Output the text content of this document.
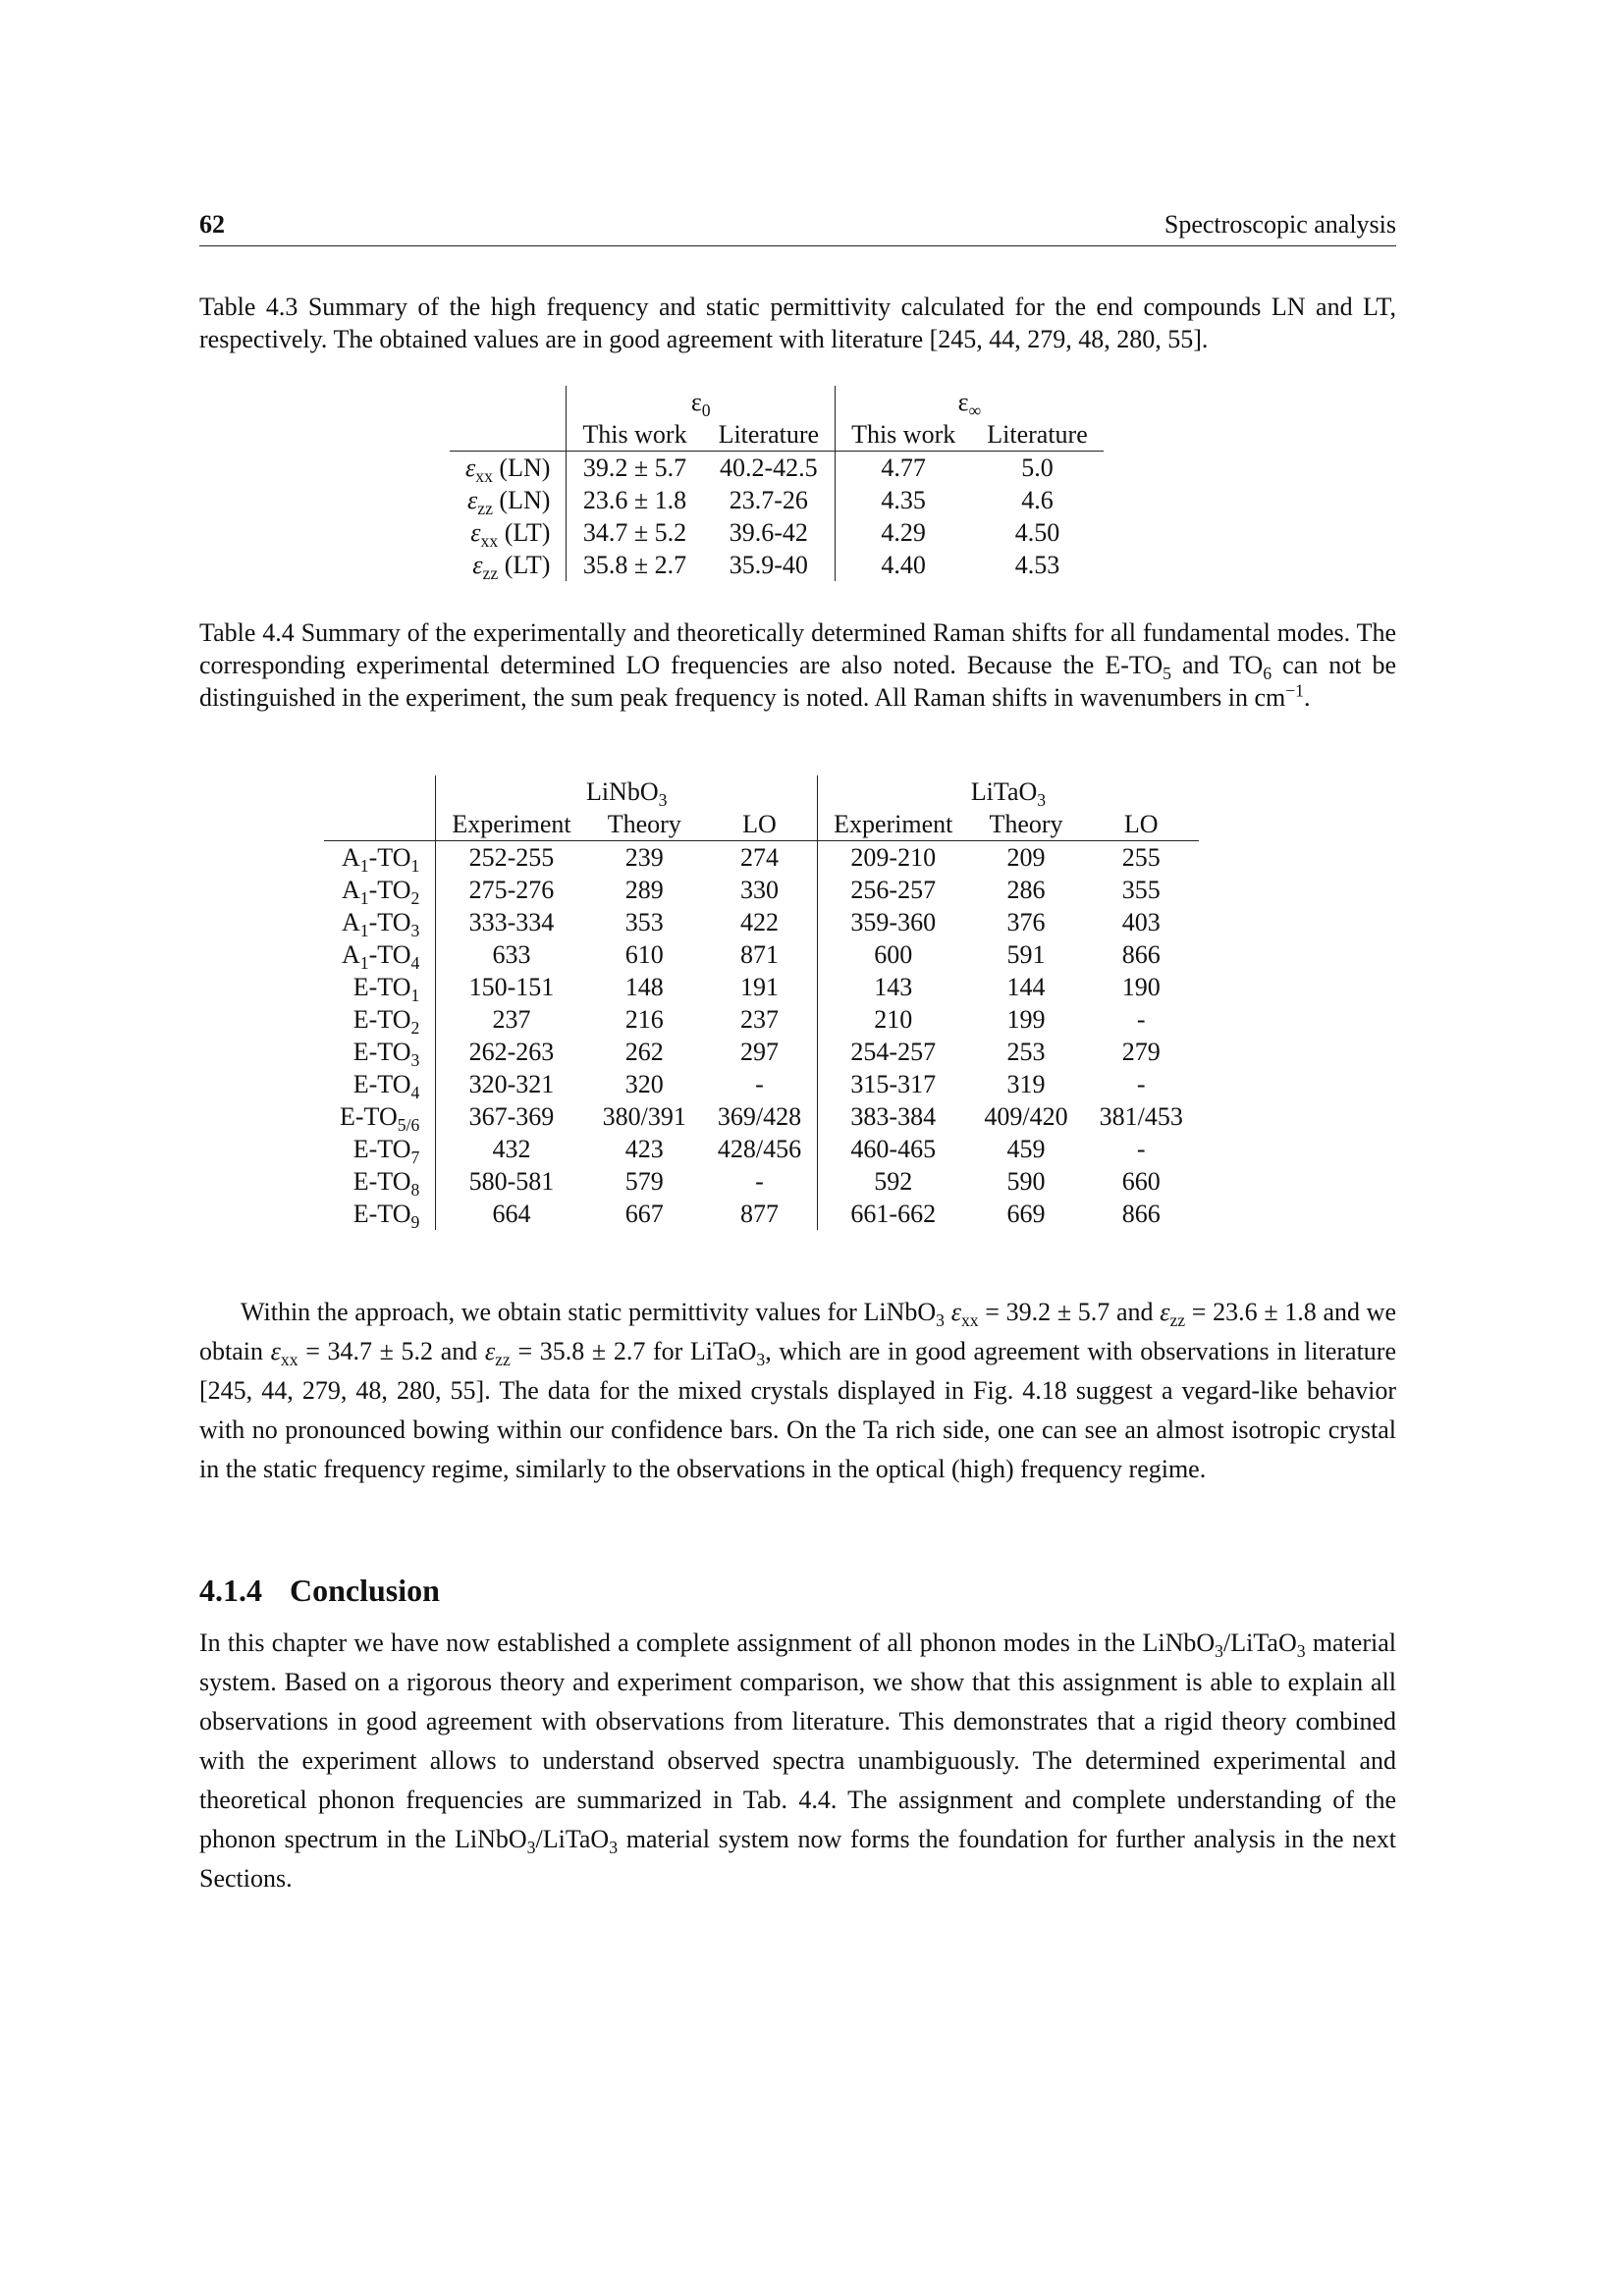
62	Spectroscopic analysis
Table 4.3 Summary of the high frequency and static permittivity calculated for the end compounds LN and LT, respectively. The obtained values are in good agreement with literature [245, 44, 279, 48, 280, 55].
	$\varepsilon_0$		$\varepsilon_\infty$
	This work	Literature	This work	Literature
$\varepsilon_{xx}$ (LN)	39.2 ± 5.7	40.2-42.5	4.77	5.0
$\varepsilon_{zz}$ (LN)	23.6 ± 1.8	23.7-26	4.35	4.6
$\varepsilon_{xx}$ (LT)	34.7 ± 5.2	39.6-42	4.29	4.50
$\varepsilon_{zz}$ (LT)	35.8 ± 2.7	35.9-40	4.40	4.53
Table 4.4 Summary of the experimentally and theoretically determined Raman shifts for all fundamental modes. The corresponding experimental determined LO frequencies are also noted. Because the $E-TO_5$ and $TO_6$ can not be distinguished in the experiment, the sum peak frequency is noted. All Raman shifts in wavenumbers in $cm^{-1}$.
	LiNbO$_3$			LiTaO$_3$
	Experiment	Theory	LO	Experiment	Theory	LO
$A_1-TO_1$	252-255	239	274	209-210	209	255
$A_1-TO_2$	275-276	289	330	256-257	286	355
$A_1-TO_3$	333-334	353	422	359-360	376	403
$A_1-TO_4$	633	610	871	600	591	866
$E-TO_1$	150-151	148	191	143	144	190
$E-TO_2$	237	216	237	210	199	-
$E-TO_3$	262-263	262	297	254-257	253	279
$E-TO_4$	320-321	320	-	315-317	319	-
$E-TO_{5/6}$	367-369	380/391	369/428	383-384	409/420	381/453
$E-TO_7$	432	423	428/456	460-465	459	-
$E-TO_8$	580-581	579	-	592	590	660
$E-TO_9$	664	667	877	661-662	669	866
Within the approach, we obtain static permittivity values for LiNbO$_3$ $\varepsilon_{xx} = 39.2 \pm 5.7$ and $\varepsilon_{zz} = 23.6 \pm 1.8$ and we obtain $\varepsilon_{xx} = 34.7 \pm 5.2$ and $\varepsilon_{zz} = 35.8 \pm 2.7$ for LiTaO$_3$, which are in good agreement with observations in literature [245, 44, 279, 48, 280, 55]. The data for the mixed crystals displayed in Fig. 4.18 suggest a vegard-like behavior with no pronounced bowing within our confidence bars. On the Ta rich side, one can see an almost isotropic crystal in the static frequency regime, similarly to the observations in the optical (high) frequency regime.
4.1.4 Conclusion
In this chapter we have now established a complete assignment of all phonon modes in the LiNbO$_3$/LiTaO$_3$ material system. Based on a rigorous theory and experiment comparison, we show that this assignment is able to explain all observations in good agreement with observations from literature. This demonstrates that a rigid theory combined with the experiment allows to understand observed spectra unambiguously. The determined experimental and theoretical phonon frequencies are summarized in Tab. 4.4. The assignment and complete understanding of the phonon spectrum in the LiNbO$_3$/LiTaO$_3$ material system now forms the foundation for further analysis in the next Sections.
